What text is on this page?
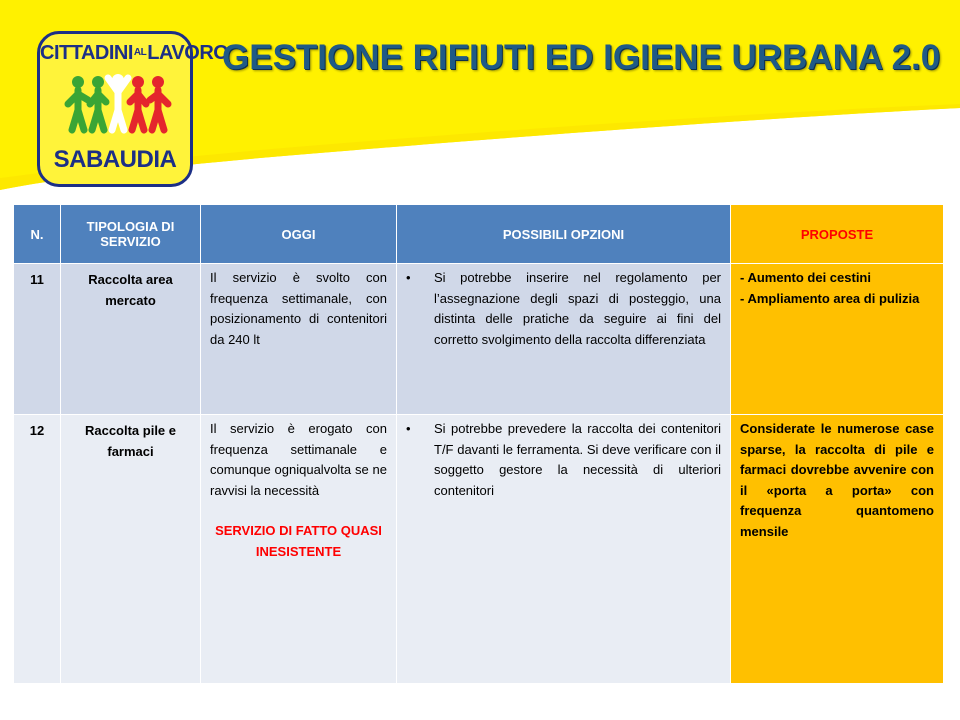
$CITTADINI^{AL}LAVORO$
SABAUDIA
GESTIONE RIFIUTI ED IGIENE URBANA 2.0
N.	TIPOLOGIA DI SERVIZIO	OGGI	POSSIBILI OPZIONI	PROPOSTE
11	Raccolta area mercato	Il servizio è svolto con frequenza settimanale, con posizionamento di contenitori da 240 lt	• Si potrebbe inserire nel regolamento per l’assegnazione degli spazi di posteggio, una distinta delle pratiche da seguire ai fini del corretto svolgimento della raccolta differenziata	- Aumento dei cestini
- Ampliamento area di pulizia

12	Raccolta pile e farmaci	Il servizio è erogato con frequenza settimanale e comunque ogniqualvolta se ne ravvisi la necessità
SERVIZIO DI FATTO QUASI INESISTENTE	• Si potrebbe prevedere la raccolta dei contenitori T/F davanti le ferramenta. Si deve verificare con il soggetto gestore la necessità di ulteriori contenitori	Considerate le numerose case sparse, la raccolta di pile e farmaci dovrebbe avvenire con il «porta a porta» con frequenza quantomeno mensile
